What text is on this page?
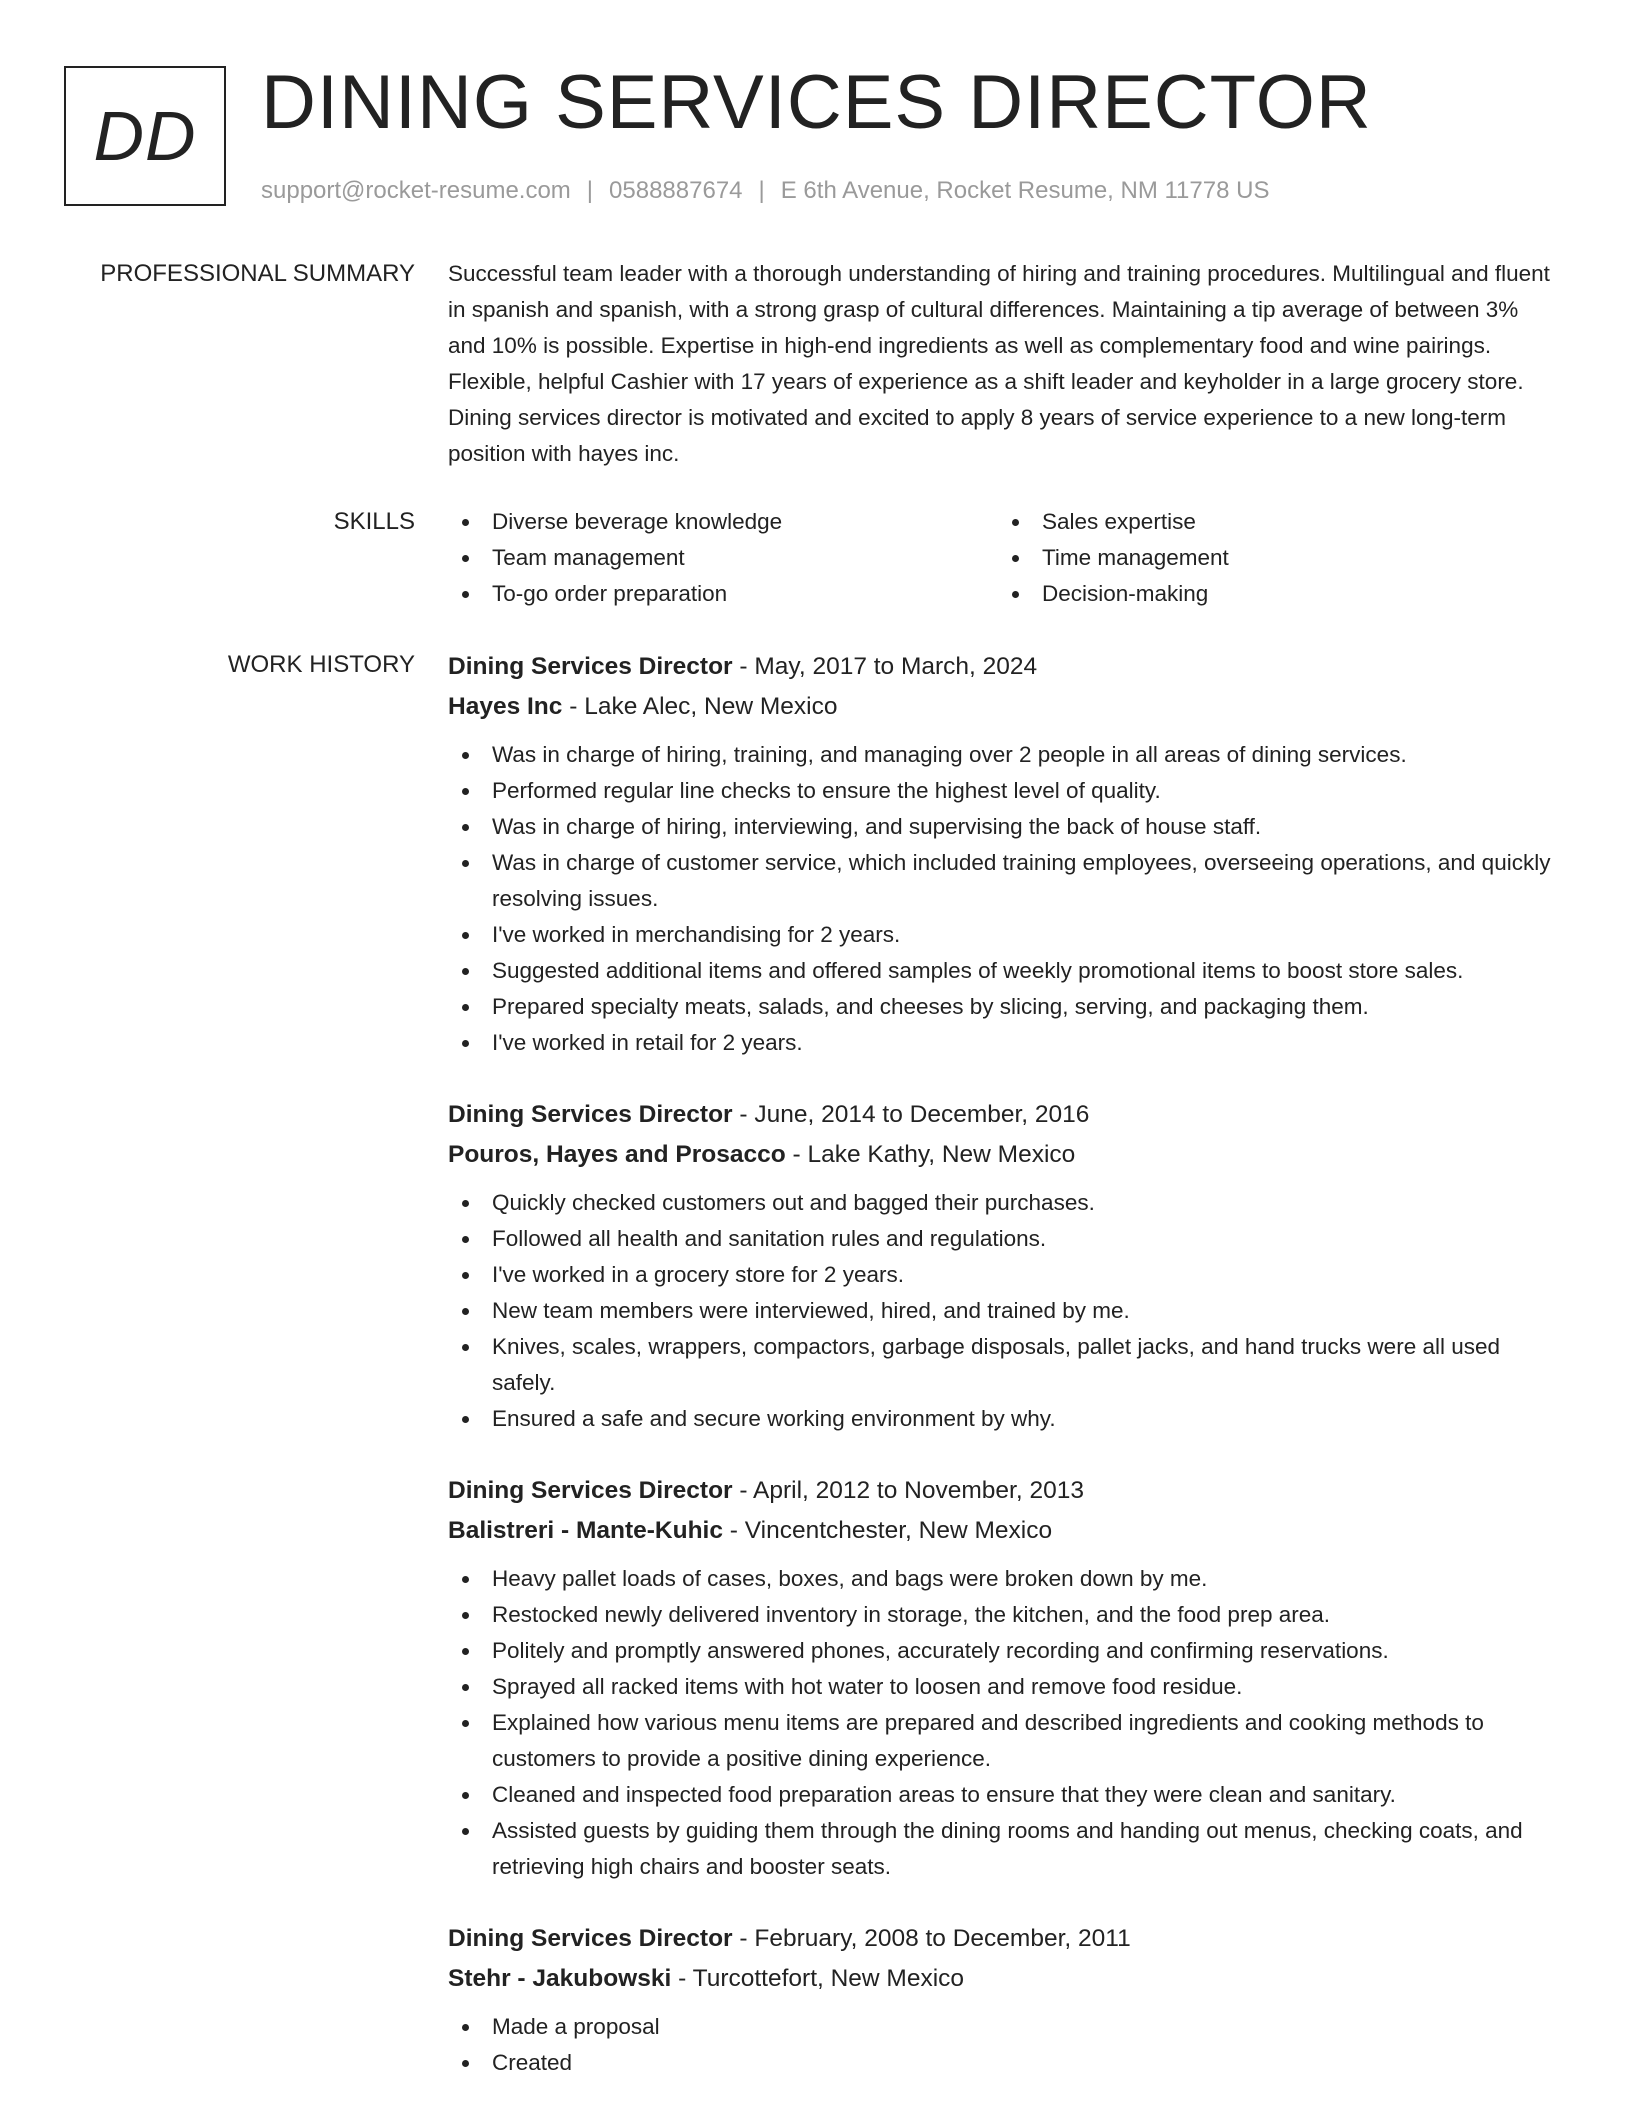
DD DINING SERVICES DIRECTOR
support@rocket-resume.com | 0588887674 | E 6th Avenue, Rocket Resume, NM 11778 US
PROFESSIONAL SUMMARY Successful team leader with a thorough understanding of hiring and training procedures. Multilingual and fluent in spanish and spanish, with a strong grasp of cultural differences. Maintaining a tip average of between 3% and 10% is possible. Expertise in high-end ingredients as well as complementary food and wine pairings. Flexible, helpful Cashier with 17 years of experience as a shift leader and keyholder in a large grocery store. Dining services director is motivated and excited to apply 8 years of service experience to a new long-term position with hayes inc.

SKILLS	Diverse beverage knowledge
Team management
To-go order preparation
Sales expertise
Time management
Decision-making
WORK HISTORY Dining Services Director - May, 2017 to March, 2024
Hayes Inc - Lake Alec, New Mexico
Was in charge of hiring, training, and managing over 2 people in all areas of dining services.
Performed regular line checks to ensure the highest level of quality.
Was in charge of hiring, interviewing, and supervising the back of house staff.
Was in charge of customer service, which included training employees, overseeing operations, and quickly resolving issues.
I've worked in merchandising for 2 years.
Suggested additional items and offered samples of weekly promotional items to boost store sales.
Prepared specialty meats, salads, and cheeses by slicing, serving, and packaging them.
I've worked in retail for 2 years.
Dining Services Director - June, 2014 to December, 2016
Pouros, Hayes and Prosacco - Lake Kathy, New Mexico
Quickly checked customers out and bagged their purchases.
Followed all health and sanitation rules and regulations.
I've worked in a grocery store for 2 years.
New team members were interviewed, hired, and trained by me.
Knives, scales, wrappers, compactors, garbage disposals, pallet jacks, and hand trucks were all used safely.
Ensured a safe and secure working environment by why.
Dining Services Director - April, 2012 to November, 2013
Balistreri - Mante-Kuhic - Vincentchester, New Mexico
Heavy pallet loads of cases, boxes, and bags were broken down by me.
Restocked newly delivered inventory in storage, the kitchen, and the food prep area.
Politely and promptly answered phones, accurately recording and confirming reservations.
Sprayed all racked items with hot water to loosen and remove food residue.
Explained how various menu items are prepared and described ingredients and cooking methods to customers to provide a positive dining experience.
Cleaned and inspected food preparation areas to ensure that they were clean and sanitary.
Assisted guests by guiding them through the dining rooms and handing out menus, checking coats, and retrieving high chairs and booster seats.
Dining Services Director - February, 2008 to December, 2011
Stehr - Jakubowski - Turcottefort, New Mexico
Made a proposal
Created
